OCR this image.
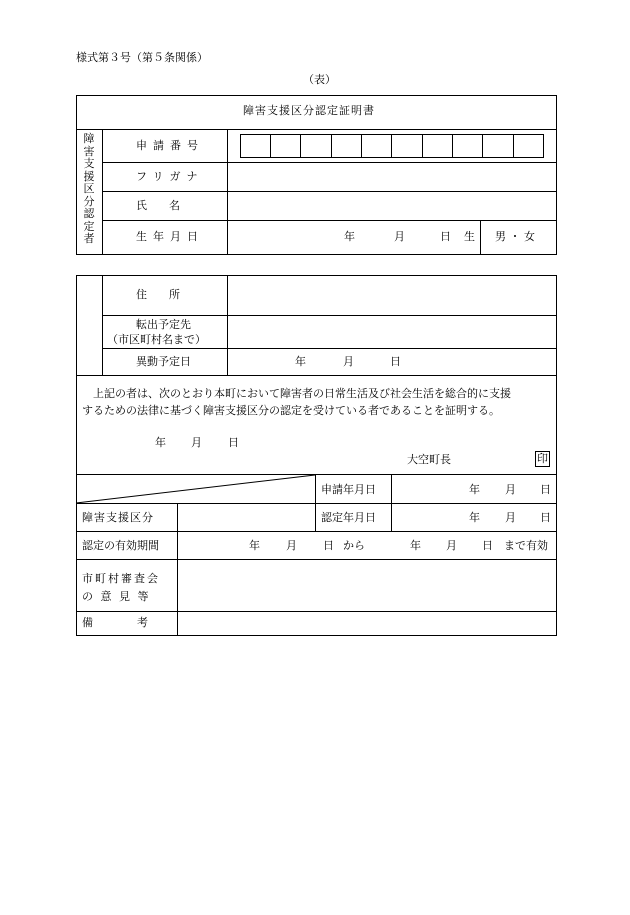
様式第３号（第５条関係）
（表）
障害支援区分認定証明書
障
害
支
援
区
分
認
定
者
申請番号
フリガナ
氏　　名
生年月日	年	月	日 生 男 ・ 女
住　　所
転出予定先
（市区町村名まで）
異動予定日	年	月	日
上記の者は、次のとおり本町において障害者の日常生活及び社会生活を総合的に支援
するための法律に基づく障害支援区分の認定を受けている者であることを証明する。
年 月 日
大空町長	印
申請年月日	年 月 日
障害支援区分	認定年月日	年 月 日
認定の有効期間	年 月 日 から	年 月 日 まで有効
市町村審査会
の 意 見 等
備　　　　考
